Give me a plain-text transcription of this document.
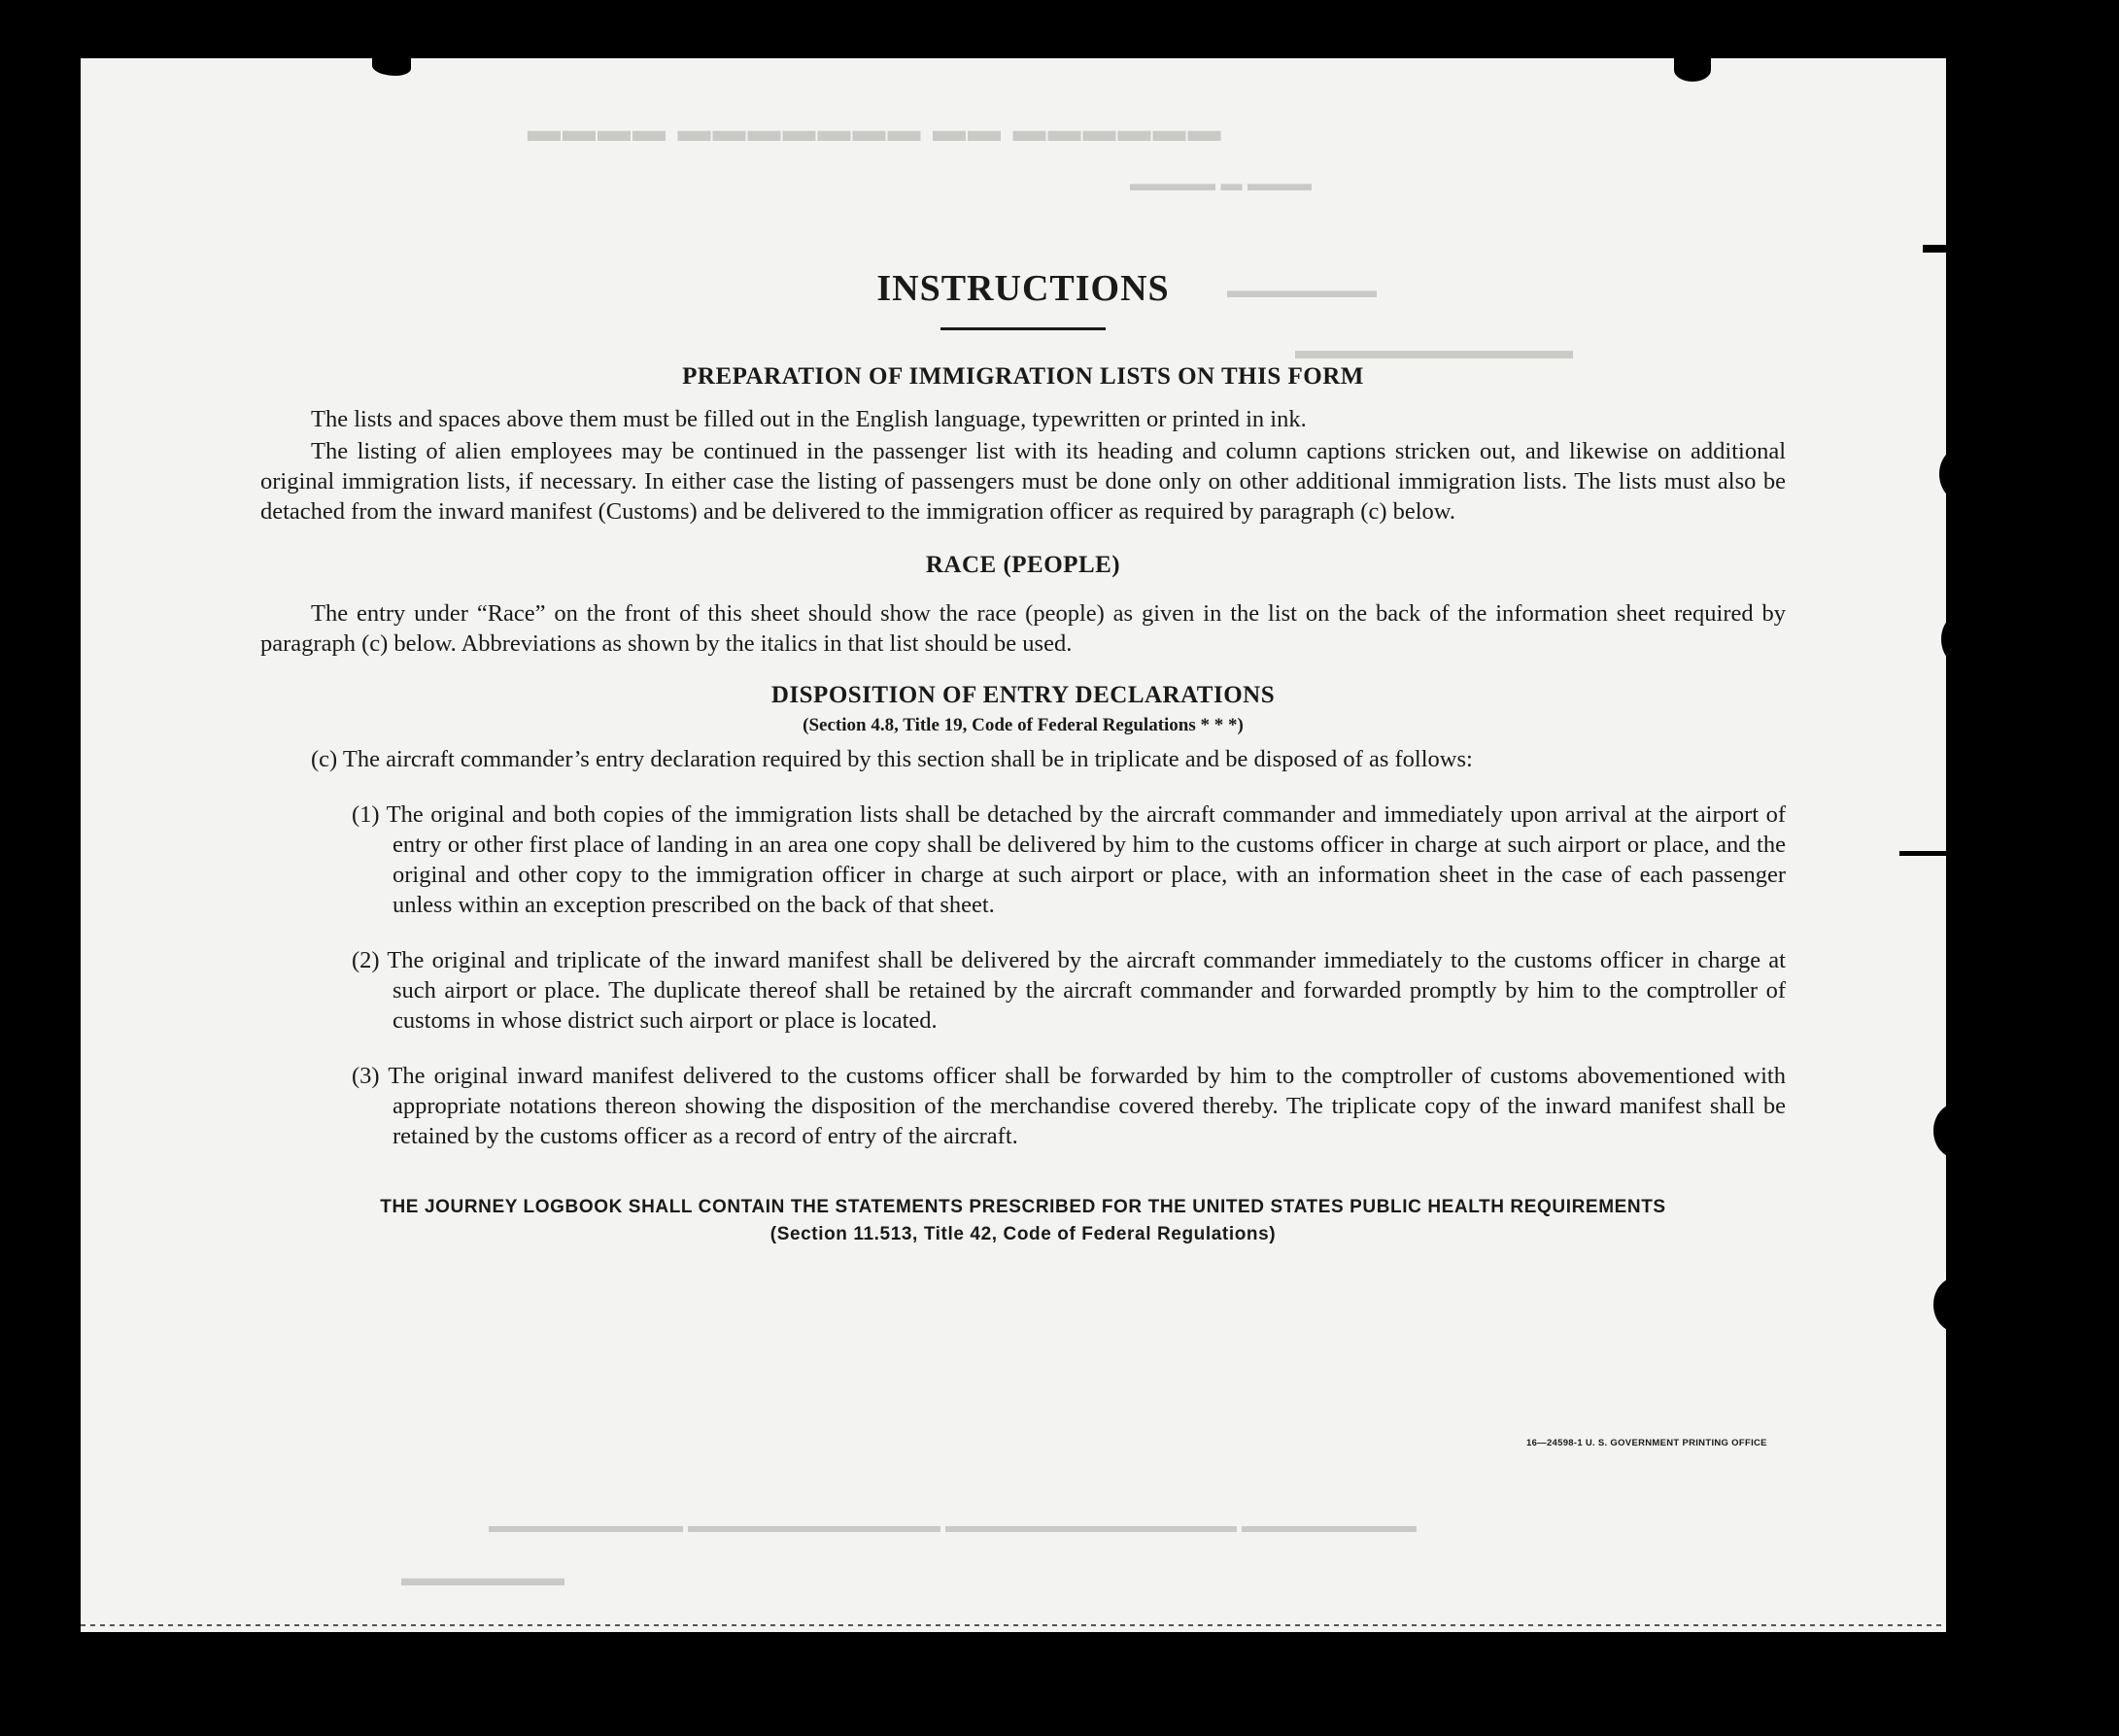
▬▬▬▬ ▬▬▬▬▬▬▬ ▬▬ ▬▬▬▬▬▬
▬▬▬▬ ▬ ▬▬▬
▬▬▬▬▬▬▬
▬▬▬▬▬▬▬▬▬▬▬
▬▬▬▬▬▬▬▬▬▬ ▬▬▬▬▬▬▬▬▬▬▬▬▬ ▬▬▬▬▬▬▬▬▬▬▬▬▬▬▬ ▬▬▬▬▬▬▬▬▬
▬▬▬▬▬▬▬
16—24598-1 U. S. GOVERNMENT PRINTING OFFICE
INSTRUCTIONS
PREPARATION OF IMMIGRATION LISTS ON THIS FORM

The lists and spaces above them must be filled out in the English language, typewritten or printed in ink.

The listing of alien employees may be continued in the passenger list with its heading and column captions stricken out, and likewise on additional original immigration lists, if necessary. In either case the listing of passengers must be done only on other additional immigration lists. The lists must also be detached from the inward manifest (Customs) and be delivered to the immigration officer as required by paragraph (c) below.

RACE (PEOPLE)

The entry under “Race” on the front of this sheet should show the race (people) as given in the list on the back of the information sheet required by paragraph (c) below. Abbreviations as shown by the italics in that list should be used.

DISPOSITION OF ENTRY DECLARATIONS
(Section 4.8, Title 19, Code of Federal Regulations * * *)

(c) The aircraft commander’s entry declaration required by this section shall be in triplicate and be disposed of as follows:

(1) The original and both copies of the immigration lists shall be detached by the aircraft commander and immediately upon arrival at the airport of entry or other first place of landing in an area one copy shall be delivered by him to the customs officer in charge at such airport or place, and the original and other copy to the immigration officer in charge at such airport or place, with an information sheet in the case of each passenger unless within an exception prescribed on the back of that sheet.

(2) The original and triplicate of the inward manifest shall be delivered by the aircraft commander immediately to the customs officer in charge at such airport or place. The duplicate thereof shall be retained by the aircraft commander and forwarded promptly by him to the comptroller of customs in whose district such airport or place is located.

(3) The original inward manifest delivered to the customs officer shall be forwarded by him to the comptroller of customs abovementioned with appropriate notations thereon showing the disposition of the merchandise covered thereby. The triplicate copy of the inward manifest shall be retained by the customs officer as a record of entry of the aircraft.

THE JOURNEY LOGBOOK SHALL CONTAIN THE STATEMENTS PRESCRIBED FOR THE UNITED STATES PUBLIC HEALTH REQUIREMENTS
(Section 11.513, Title 42, Code of Federal Regulations)
